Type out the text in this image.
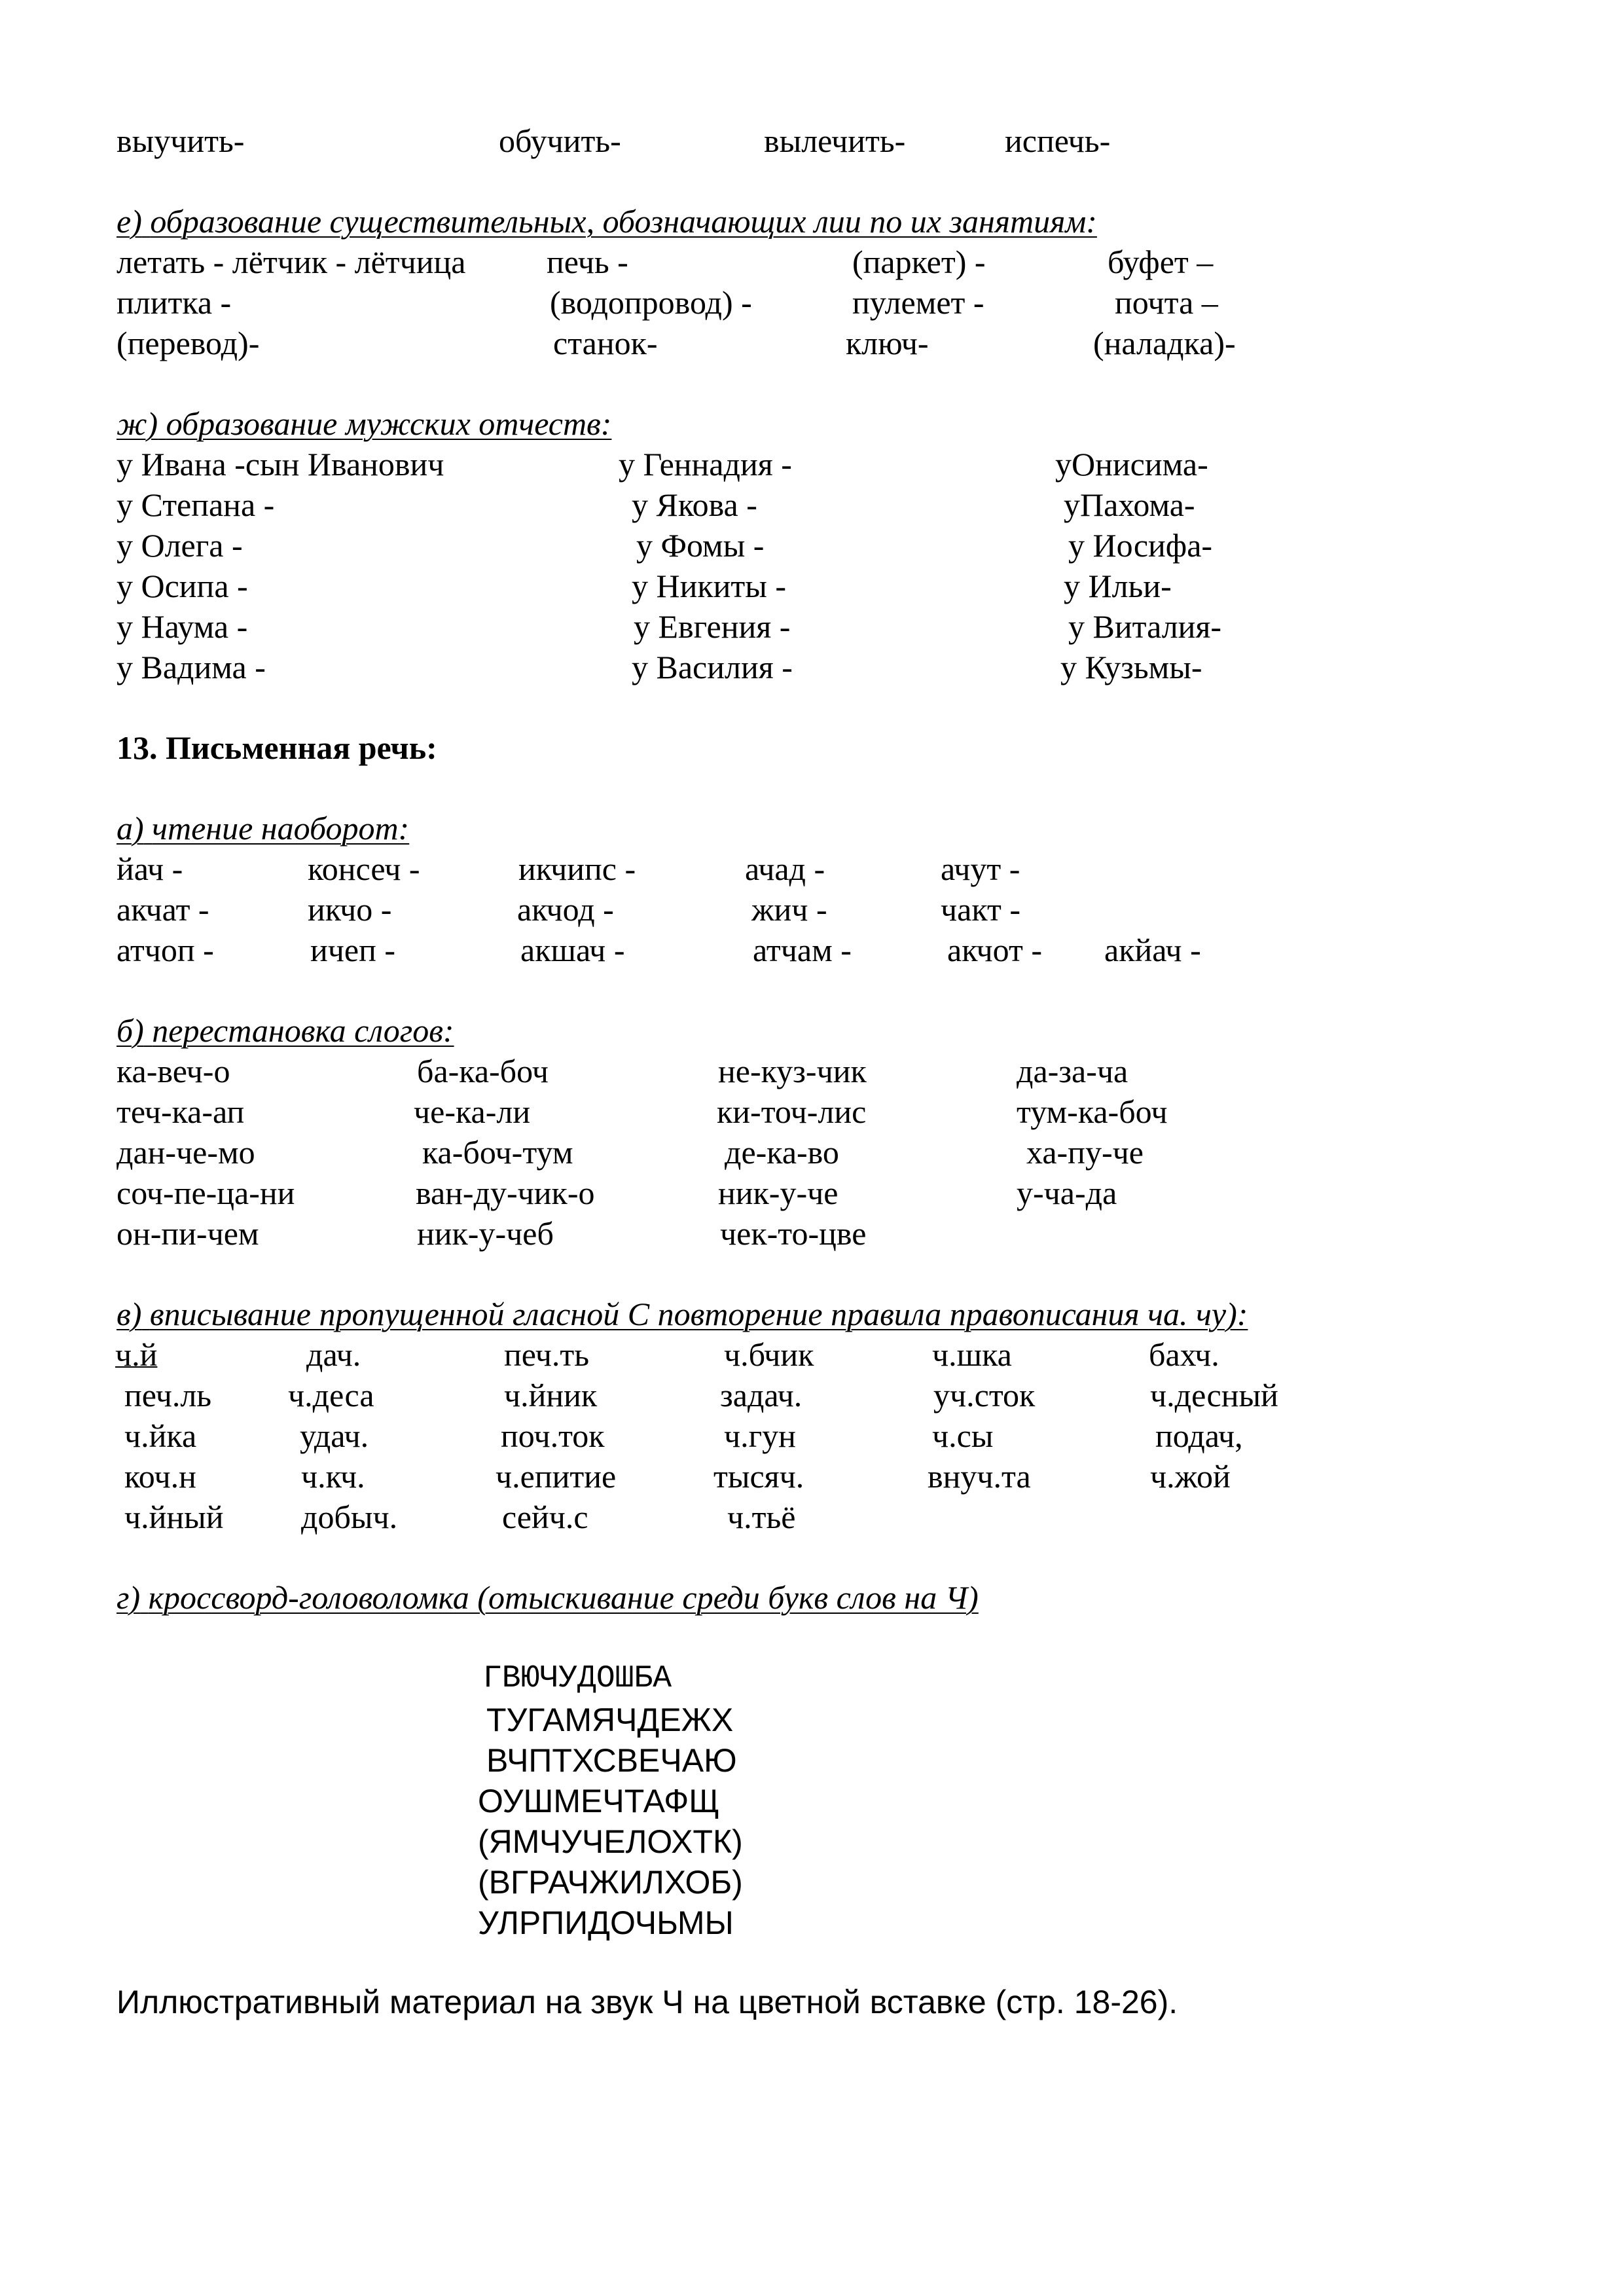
выучить-	обучить-	вылечить-	испечь-
е) образование существительных, обозначающих лии по их занятиям:
летать - лётчик - лётчица печь -	(паркет) -	буфет –
плитка -	(водопровод) -	пулемет -	почта –
(перевод)-	станок-	ключ-	(наладка)-
ж) образование мужских отчеств:
у Ивана -сын Иванович	у Геннадия -	уОнисима-
у Степана -	у Якова -	уПахома-
у Олега -	у Фомы -	у Иосифа-
у Осипа -	у Никиты -	у Ильи-
у Наума -	у Евгения -	у Виталия-
у Вадима -	у Василия -	у Кузьмы-
13. Письменная речь:
а) чтение наоборот:
йач -	консеч -	икчипс -	ачад -	ачут -
акчат -	икчо -	акчод -	жич -	чакт -
атчоп -	ичеп -	акшач -	атчам -	акчот - акйач -
б) перестановка слогов:
ка-веч-о	ба-ка-боч	не-куз-чик	да-за-ча
теч-ка-ап	че-ка-ли	ки-точ-лис	тум-ка-боч
дан-че-мо	ка-боч-тум	де-ка-во	ха-пу-че
соч-пе-ца-ни	ван-ду-чик-о	ник-у-че	у-ча-да
он-пи-чем	ник-у-чеб	чек-то-цве
в) вписывание пропущенной гласной С повторение правила правописания ча. чу):
ч.й	дач.	печ.ть	ч.бчик	ч.шка	бахч.
печ.ль ч.деса	ч.йник	задач.	уч.сток	ч.десный
ч.йка	удач.	поч.ток	ч.гун	ч.сы	подач,
коч.н	ч.кч.	ч.епитие	тысяч.	внуч.та	ч.жой
ч.йный добыч.	сейч.с	ч.тьё
г) кроссворд-головоломка (отыскивание среди букв слов на Ч)
ГВЮЧУДОШБА
ТУГАМЯЧДЕЖХ
ВЧПТХСВЕЧАЮ
ОУШМЕЧТАФЩ
(ЯМЧУЧЕЛОХТК)
(ВГРАЧЖИЛХОБ)
УЛРПИДОЧЬМЫ
Иллюстративный материал на звук Ч на цветной вставке (стр. 18-26).
